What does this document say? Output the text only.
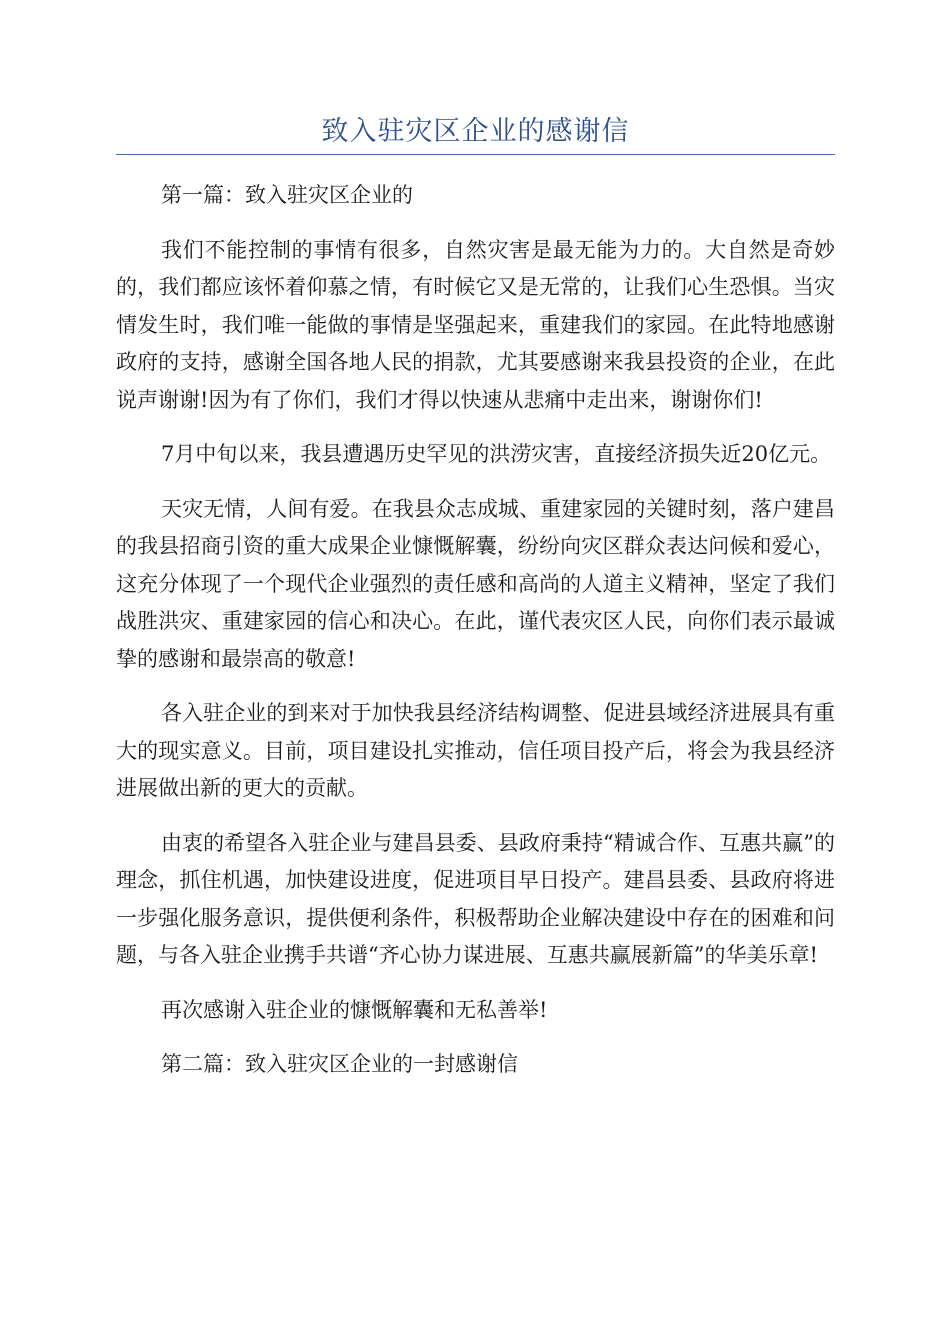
致入驻灾区企业的感谢信

第一篇：致入驻灾区企业的

我们不能控制的事情有很多，自然灾害是最无能为力的。大自然是奇妙的，我们都应该怀着仰慕之情，有时候它又是无常的，让我们心生恐惧。当灾情发生时，我们唯一能做的事情是坚强起来，重建我们的家园。在此特地感谢政府的支持，感谢全国各地人民的捐款，尤其要感谢来我县投资的企业，在此说声谢谢!因为有了你们，我们才得以快速从悲痛中走出来，谢谢你们!

7月中旬以来，我县遭遇历史罕见的洪涝灾害，直接经济损失近20亿元。

天灾无情，人间有爱。在我县众志成城、重建家园的关键时刻，落户建昌的我县招商引资的重大成果企业慷慨解囊，纷纷向灾区群众表达问候和爱心，这充分体现了一个现代企业强烈的责任感和高尚的人道主义精神，坚定了我们战胜洪灾、重建家园的信心和决心。在此，谨代表灾区人民，向你们表示最诚挚的感谢和最崇高的敬意!

各入驻企业的到来对于加快我县经济结构调整、促进县域经济进展具有重大的现实意义。目前，项目建设扎实推动，信任项目投产后，将会为我县经济进展做出新的更大的贡献。

由衷的希望各入驻企业与建昌县委、县政府秉持“精诚合作、互惠共赢”的理念，抓住机遇，加快建设进度，促进项目早日投产。建昌县委、县政府将进一步强化服务意识，提供便利条件，积极帮助企业解决建设中存在的困难和问题，与各入驻企业携手共谱“齐心协力谋进展、互惠共赢展新篇”的华美乐章!

再次感谢入驻企业的慷慨解囊和无私善举!

第二篇：致入驻灾区企业的一封感谢信
